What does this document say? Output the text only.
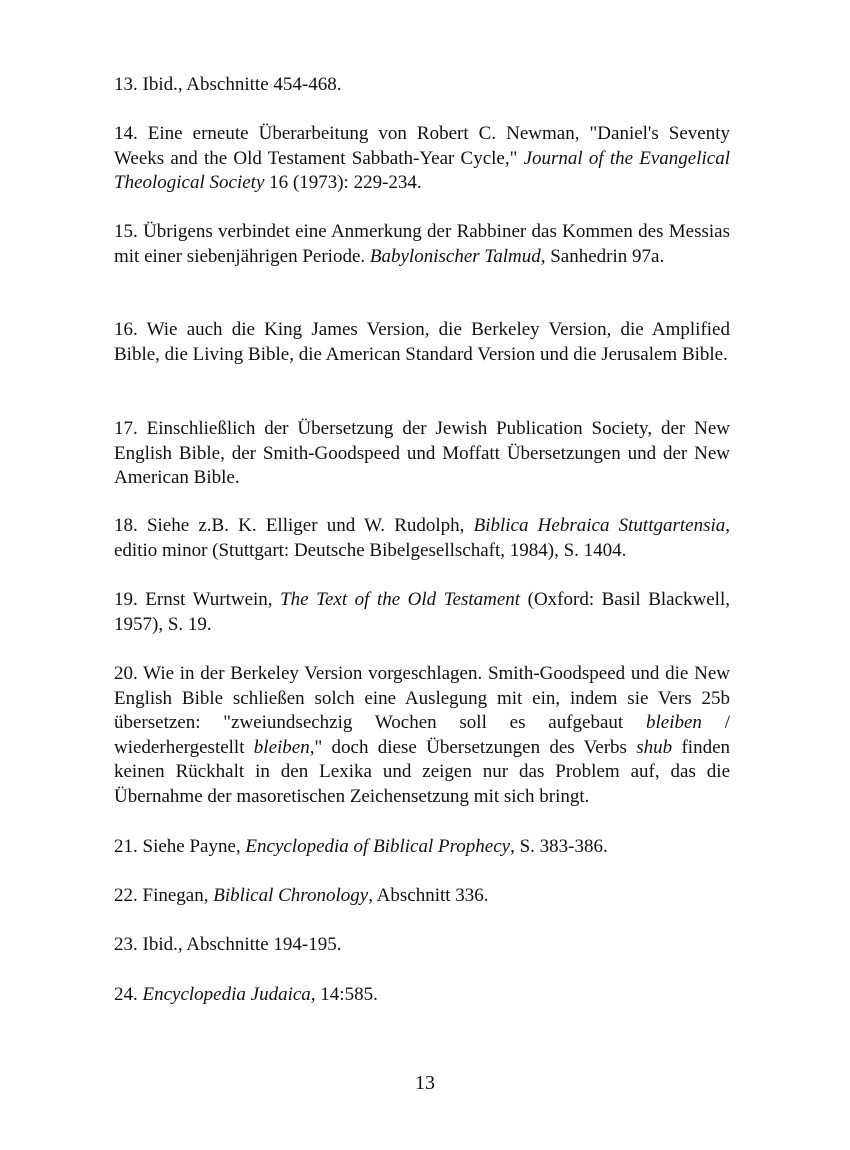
13. Ibid., Abschnitte 454-468.

14. Eine erneute Überarbeitung von Robert C. Newman, "Daniel's Seventy Weeks and the Old Testament Sabbath-Year Cycle," Journal of the Evangelical Theological Society 16 (1973): 229-234.

15. Übrigens verbindet eine Anmerkung der Rabbiner das Kommen des Messias mit einer siebenjährigen Periode. Babylonischer Talmud, Sanhedrin 97a.

16. Wie auch die King James Version, die Berkeley Version, die Amplified Bible, die Living Bible, die American Standard Version und die Jerusalem Bible.

17. Einschließlich der Übersetzung der Jewish Publication Society, der New English Bible, der Smith-Goodspeed und Moffatt Übersetzungen und der New American Bible.

18. Siehe z.B. K. Elliger und W. Rudolph, Biblica Hebraica Stuttgartensia, editio minor (Stuttgart: Deutsche Bibelgesellschaft, 1984), S. 1404.

19. Ernst Wurtwein, The Text of the Old Testament (Oxford: Basil Blackwell, 1957), S. 19.

20. Wie in der Berkeley Version vorgeschlagen. Smith-Goodspeed und die New English Bible schließen solch eine Auslegung mit ein, indem sie Vers 25b übersetzen: "zweiundsechzig Wochen soll es aufgebaut bleiben / wiederhergestellt bleiben," doch diese Übersetzungen des Verbs shub finden keinen Rückhalt in den Lexika und zeigen nur das Problem auf, das die Übernahme der masoretischen Zeichensetzung mit sich bringt.

21. Siehe Payne, Encyclopedia of Biblical Prophecy, S. 383-386.

22. Finegan, Biblical Chronology, Abschnitt 336.

23. Ibid., Abschnitte 194-195.

24. Encyclopedia Judaica, 14:585.

13
